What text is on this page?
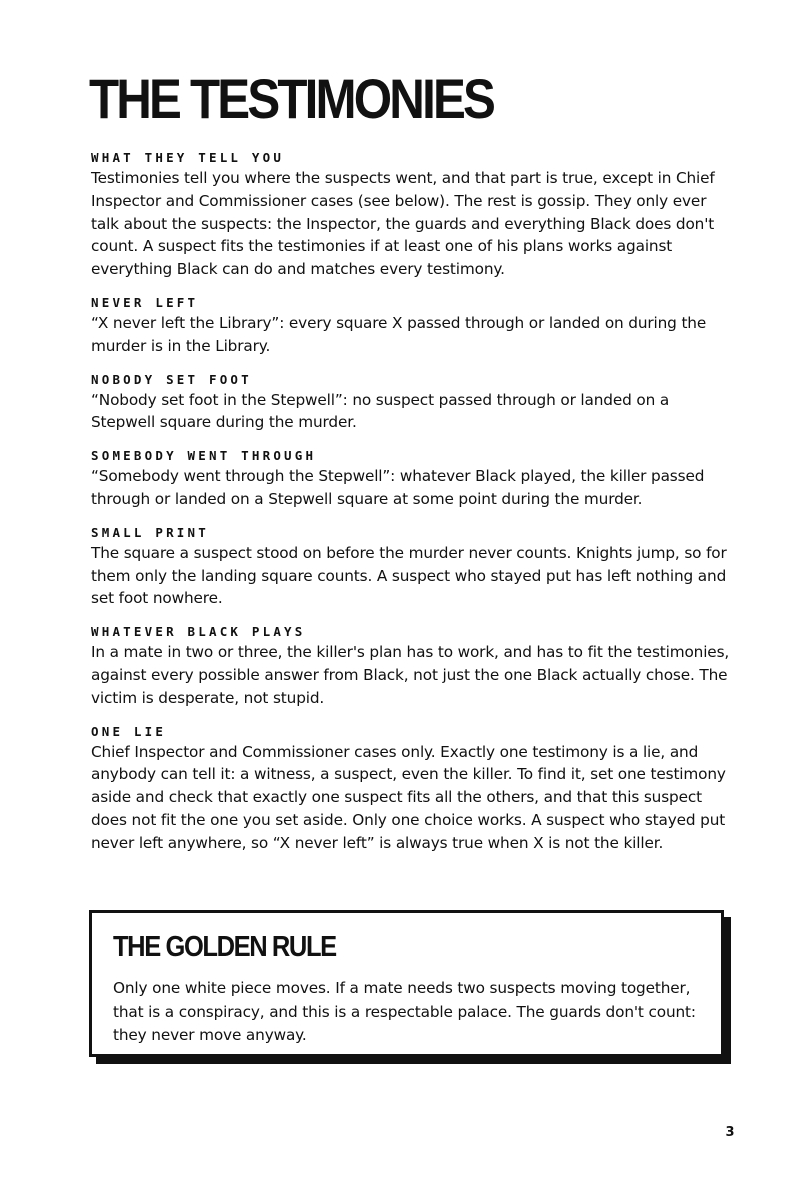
THE TESTIMONIES
WHAT THEY TELL YOU

Testimonies tell you where the suspects went, and that part is true, except in Chief Inspector and Commissioner cases (see below). The rest is gossip. They only ever talk about the suspects: the Inspector, the guards and everything Black does don't count. A suspect fits the testimonies if at least one of his plans works against everything Black can do and matches every testimony.

NEVER LEFT

“X never left the Library”: every square X passed through or landed on during the murder is in the Library.

NOBODY SET FOOT

“Nobody set foot in the Stepwell”: no suspect passed through or landed on a Stepwell square during the murder.

SOMEBODY WENT THROUGH

“Somebody went through the Stepwell”: whatever Black played, the killer passed through or landed on a Stepwell square at some point during the murder.

SMALL PRINT

The square a suspect stood on before the murder never counts. Knights jump, so for them only the landing square counts. A suspect who stayed put has left nothing and set foot nowhere.

WHATEVER BLACK PLAYS

In a mate in two or three, the killer's plan has to work, and has to fit the testimonies, against every possible answer from Black, not just the one Black actually chose. The victim is desperate, not stupid.

ONE LIE

Chief Inspector and Commissioner cases only. Exactly one testimony is a lie, and anybody can tell it: a witness, a suspect, even the killer. To find it, set one testimony aside and check that exactly one suspect fits all the others, and that this suspect does not fit the one you set aside. Only one choice works. A suspect who stayed put never left anywhere, so “X never left” is always true when X is not the killer.

THE GOLDEN RULE

Only one white piece moves. If a mate needs two suspects moving together, that is a conspiracy, and this is a respectable palace. The guards don't count: they never move anyway.

3
